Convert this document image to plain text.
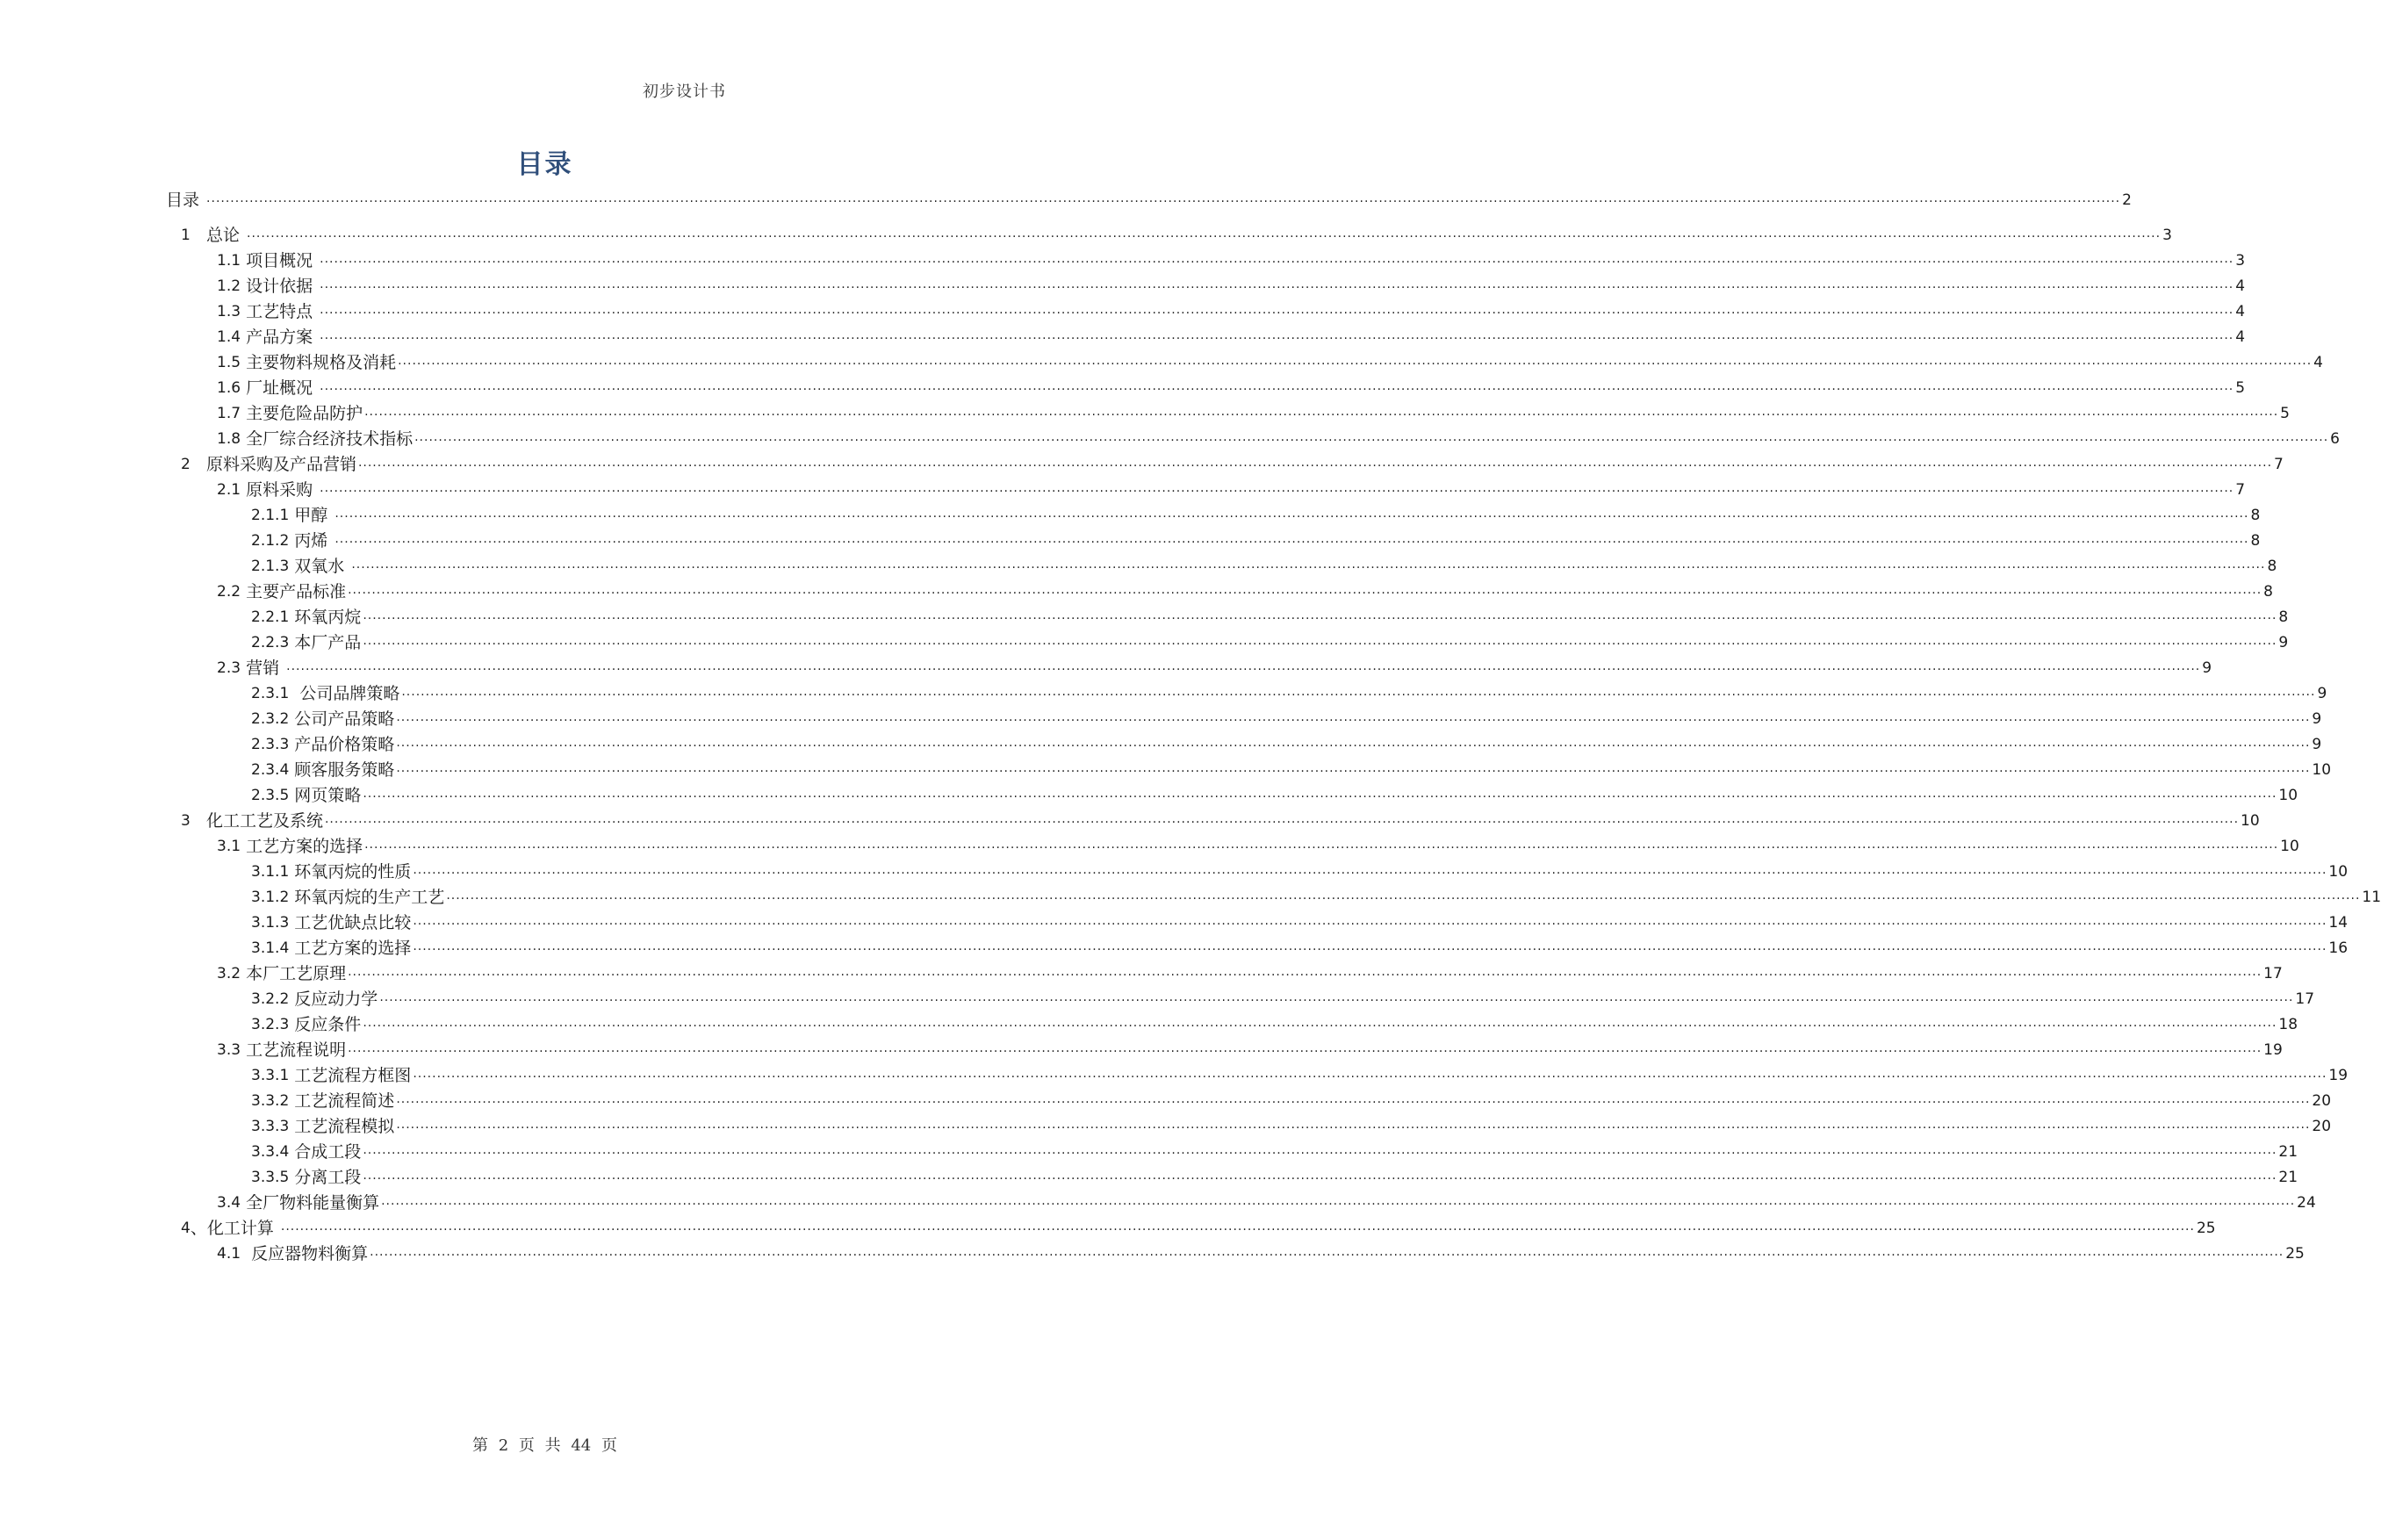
初步设计书
目录
目录 ................................................................................................................................................................................................................................................................................................................................................................................................................ 2
1 总论 ................................................................................................................................................................................................................................................................................................................................................................................................................ 3
1.1 项目概况 ................................................................................................................................................................................................................................................................................................................................................................................................................ 3
1.2 设计依据 ................................................................................................................................................................................................................................................................................................................................................................................................................ 4
1.3 工艺特点 ................................................................................................................................................................................................................................................................................................................................................................................................................ 4
1.4 产品方案 ................................................................................................................................................................................................................................................................................................................................................................................................................ 4
1.5 主要物料规格及消耗 ................................................................................................................................................................................................................................................................................................................................................................................................................ 4
1.6 厂址概况 ................................................................................................................................................................................................................................................................................................................................................................................................................ 5
1.7 主要危险品防护 ................................................................................................................................................................................................................................................................................................................................................................................................................ 5
1.8 全厂综合经济技术指标 ................................................................................................................................................................................................................................................................................................................................................................................................................ 6
2 原料采购及产品营销 ................................................................................................................................................................................................................................................................................................................................................................................................................ 7
2.1 原料采购 ................................................................................................................................................................................................................................................................................................................................................................................................................ 7
2.1.1 甲醇 ................................................................................................................................................................................................................................................................................................................................................................................................................ 8
2.1.2 丙烯 ................................................................................................................................................................................................................................................................................................................................................................................................................ 8
2.1.3 双氧水 ................................................................................................................................................................................................................................................................................................................................................................................................................ 8
2.2 主要产品标准 ................................................................................................................................................................................................................................................................................................................................................................................................................ 8
2.2.1 环氧丙烷 ................................................................................................................................................................................................................................................................................................................................................................................................................ 8
2.2.3 本厂产品 ................................................................................................................................................................................................................................................................................................................................................................................................................ 9
2.3 营销 ................................................................................................................................................................................................................................................................................................................................................................................................................ 9
2.3.1 公司品牌策略 ................................................................................................................................................................................................................................................................................................................................................................................................................ 9
2.3.2 公司产品策略 ................................................................................................................................................................................................................................................................................................................................................................................................................ 9
2.3.3 产品价格策略 ................................................................................................................................................................................................................................................................................................................................................................................................................ 9
2.3.4 顾客服务策略 ................................................................................................................................................................................................................................................................................................................................................................................................................ 10
2.3.5 网页策略 ................................................................................................................................................................................................................................................................................................................................................................................................................ 10
3 化工工艺及系统 ................................................................................................................................................................................................................................................................................................................................................................................................................ 10
3.1 工艺方案的选择 ................................................................................................................................................................................................................................................................................................................................................................................................................ 10
3.1.1 环氧丙烷的性质 ................................................................................................................................................................................................................................................................................................................................................................................................................ 10
3.1.2 环氧丙烷的生产工艺 ................................................................................................................................................................................................................................................................................................................................................................................................................ 11
3.1.3 工艺优缺点比较 ................................................................................................................................................................................................................................................................................................................................................................................................................ 14
3.1.4 工艺方案的选择 ................................................................................................................................................................................................................................................................................................................................................................................................................ 16
3.2 本厂工艺原理 ................................................................................................................................................................................................................................................................................................................................................................................................................ 17
3.2.2 反应动力学 ................................................................................................................................................................................................................................................................................................................................................................................................................ 17
3.2.3 反应条件 ................................................................................................................................................................................................................................................................................................................................................................................................................ 18
3.3 工艺流程说明 ................................................................................................................................................................................................................................................................................................................................................................................................................ 19
3.3.1 工艺流程方框图 ................................................................................................................................................................................................................................................................................................................................................................................................................ 19
3.3.2 工艺流程简述 ................................................................................................................................................................................................................................................................................................................................................................................................................ 20
3.3.3 工艺流程模拟 ................................................................................................................................................................................................................................................................................................................................................................................................................ 20
3.3.4 合成工段 ................................................................................................................................................................................................................................................................................................................................................................................................................ 21
3.3.5 分离工段 ................................................................................................................................................................................................................................................................................................................................................................................................................ 21
3.4 全厂物料能量衡算 ................................................................................................................................................................................................................................................................................................................................................................................................................ 24
4 、化工计算 ................................................................................................................................................................................................................................................................................................................................................................................................................ 25
4.1 反应器物料衡算 ................................................................................................................................................................................................................................................................................................................................................................................................................ 25
第 2 页 共 44 页
